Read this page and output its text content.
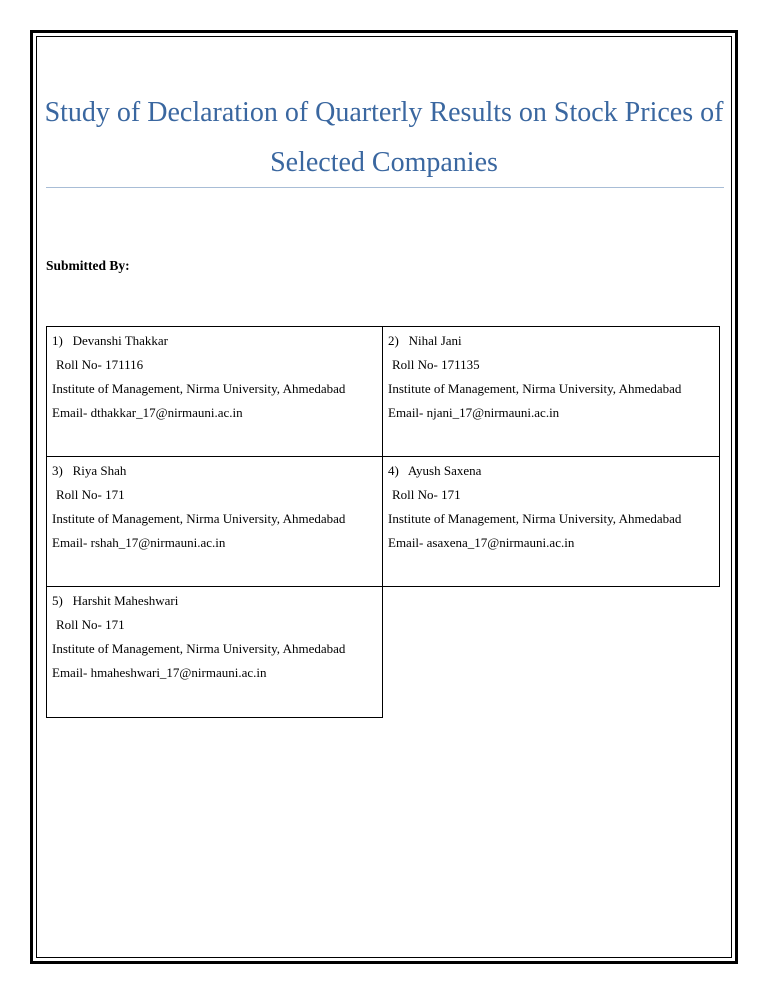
Study of Declaration of Quarterly Results on Stock Prices of
Selected Companies
Submitted By:
1)   Devanshi Thakkar
Roll No- 171116
Institute of Management, Nirma University, Ahmedabad
Email- dthakkar_17@nirmauni.ac.in
2)   Nihal Jani
Roll No- 171135
Institute of Management, Nirma University, Ahmedabad
Email- njani_17@nirmauni.ac.in
3)   Riya Shah
Roll No- 171
Institute of Management, Nirma University, Ahmedabad
Email- rshah_17@nirmauni.ac.in
4)   Ayush Saxena
Roll No- 171
Institute of Management, Nirma University, Ahmedabad
Email- asaxena_17@nirmauni.ac.in
5)   Harshit Maheshwari
Roll No- 171
Institute of Management, Nirma University, Ahmedabad
Email- hmaheshwari_17@nirmauni.ac.in
